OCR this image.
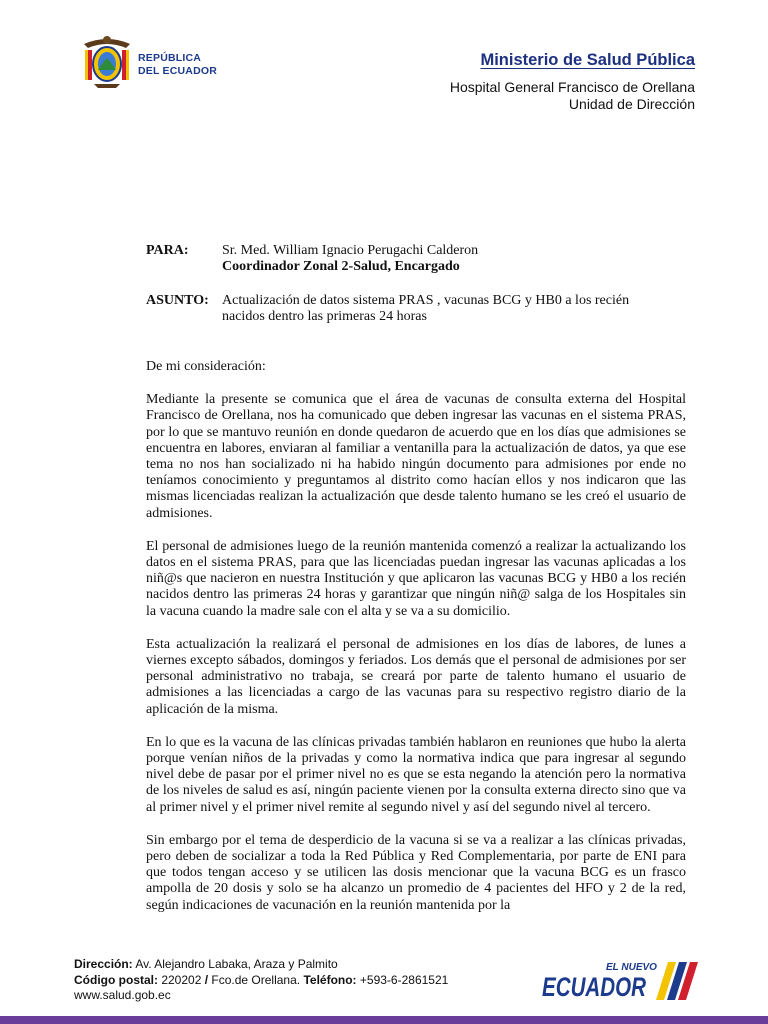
REPÚBLICA
DEL ECUADOR
Ministerio de Salud Pública
Hospital General Francisco de Orellana
Unidad de Dirección
PARA: Sr. Med. William Ignacio Perugachi Calderon
Coordinador Zonal 2-Salud, Encargado
ASUNTO: Actualización de datos sistema PRAS , vacunas BCG y HB0 a los recién nacidos dentro las primeras 24 horas

De mi consideración:

Mediante la presente se comunica que el área de vacunas de consulta externa del Hospital Francisco de Orellana, nos ha comunicado que deben ingresar las vacunas en el sistema PRAS, por lo que se mantuvo reunión en donde quedaron de acuerdo que en los días que admisiones se encuentra en labores, enviaran al familiar a ventanilla para la actualización de datos, ya que ese tema no nos han socializado ni ha habido ningún documento para admisiones por ende no teníamos conocimiento y preguntamos al distrito como hacían ellos y nos indicaron que las mismas licenciadas realizan la actualización que desde talento humano se les creó el usuario de admisiones.

El personal de admisiones luego de la reunión mantenida comenzó a realizar la actualizando los datos en el sistema PRAS, para que las licenciadas puedan ingresar las vacunas aplicadas a los niñ@s que nacieron en nuestra Institución y que aplicaron las vacunas BCG y HB0 a los recién nacidos dentro las primeras 24 horas y garantizar que ningún niñ@ salga de los Hospitales sin la vacuna cuando la madre sale con el alta y se va a su domicilio.

Esta actualización la realizará el personal de admisiones en los días de labores, de lunes a viernes excepto sábados, domingos y feriados. Los demás que el personal de admisiones por ser personal administrativo no trabaja, se creará por parte de talento humano el usuario de admisiones a las licenciadas a cargo de las vacunas para su respectivo registro diario de la aplicación de la misma.

En lo que es la vacuna de las clínicas privadas también hablaron en reuniones que hubo la alerta porque venían niños de la privadas y como la normativa indica que para ingresar al segundo nivel debe de pasar por el primer nivel no es que se esta negando la atención pero la normativa de los niveles de salud es así, ningún paciente vienen por la consulta externa directo sino que va al primer nivel y el primer nivel remite al segundo nivel y así del segundo nivel al tercero.

Sin embargo por el tema de desperdicio de la vacuna si se va a realizar a las clínicas privadas, pero deben de socializar a toda la Red Pública y Red Complementaria, por parte de ENI para que todos tengan acceso y se utilicen las dosis mencionar que la vacuna BCG es un frasco ampolla de 20 dosis y solo se ha alcanzo un promedio de 4 pacientes del HFO y 2 de la red, según indicaciones de vacunación en la reunión mantenida por la

Dirección: Av. Alejandro Labaka, Araza y Palmito
Código postal: 220202 / Fco.de Orellana. Teléfono: +593-6-2861521
www.salud.gob.ec
EL NUEVO
ECUADOR
